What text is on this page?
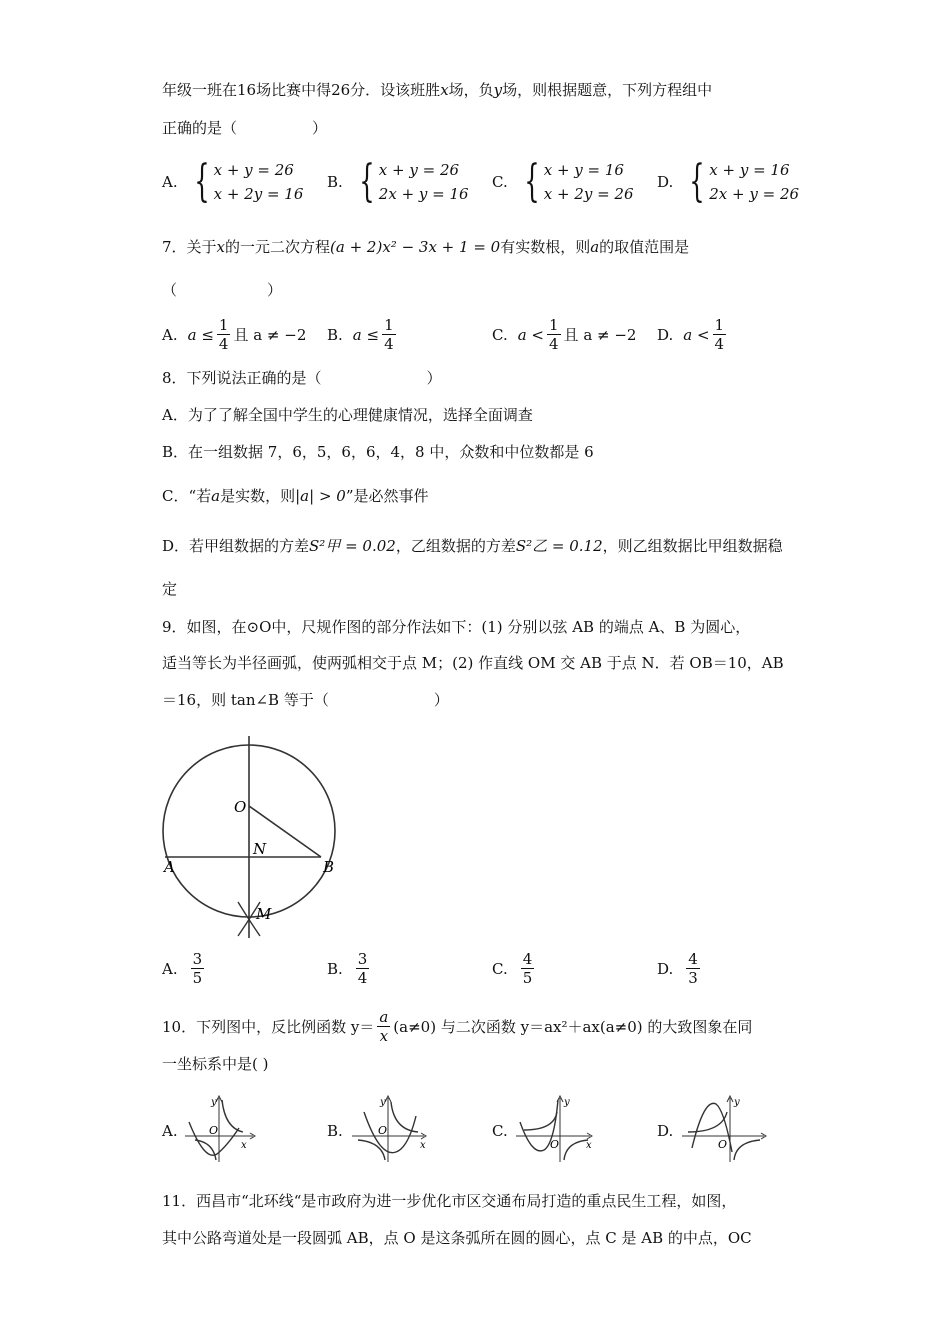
年级一班在16场比赛中得26分．设该班胜x场，负y场，则根据题意，下列方程组中
正确的是（　　　　　）
A. { x + y = 26
x + 2y = 16
B. { x + y = 26
2x + y = 16
C. { x + y = 16
x + 2y = 26
D. { x + y = 16
2x + y = 26
7．关于x的一元二次方程(a + 2)x² − 3x + 1 = 0有实数根，则a的取值范围是
（　　　　　　）
A. $a \le \frac{1}{4}$ 且 a ≠ −2 B. $a \le \frac{1}{4}$	C. $a < \frac{1}{4}$ 且 a ≠ −2 D. $a < \frac{1}{4}$
8．下列说法正确的是（　　　　　　　）
A．为了了解全国中学生的心理健康情况，选择全面调查
B．在一组数据 7，6，5，6，6，4，8 中，众数和中位数都是 6
C．“若a是实数，则|a| > 0”是必然事件
D．若甲组数据的方差S²甲 = 0.02，乙组数据的方差S²乙 = 0.12，则乙组数据比甲组数据稳
定
9．如图，在⊙O中，尺规作图的部分作法如下：(1) 分别以弦 AB 的端点 A、B 为圆心，
适当等长为半径画弧，使两弧相交于点 M；(2) 作直线 OM 交 AB 于点 N．若 OB＝10，AB
＝16，则 tan∠B 等于（　　　　　　　）
O
N
A	B
M
A. $\frac{3}{5}$	B. $\frac{3}{4}$	C. $\frac{4}{5}$	D. $\frac{4}{3}$
10．下列图中，反比例函数 $y= \frac{a}{x} (a\ne 0)$ 与二次函数 y＝ax²＋ax(a≠0) 的大致图象在同
一坐标系中是( )
A.
y
O
x
B.
y
O
x
C.
y
O	x
D.
y
O
11．西昌市“北环线“是市政府为进一步优化市区交通布局打造的重点民生工程，如图，
其中公路弯道处是一段圆弧 AB，点 O 是这条弧所在圆的圆心，点 C 是 AB 的中点，OC
